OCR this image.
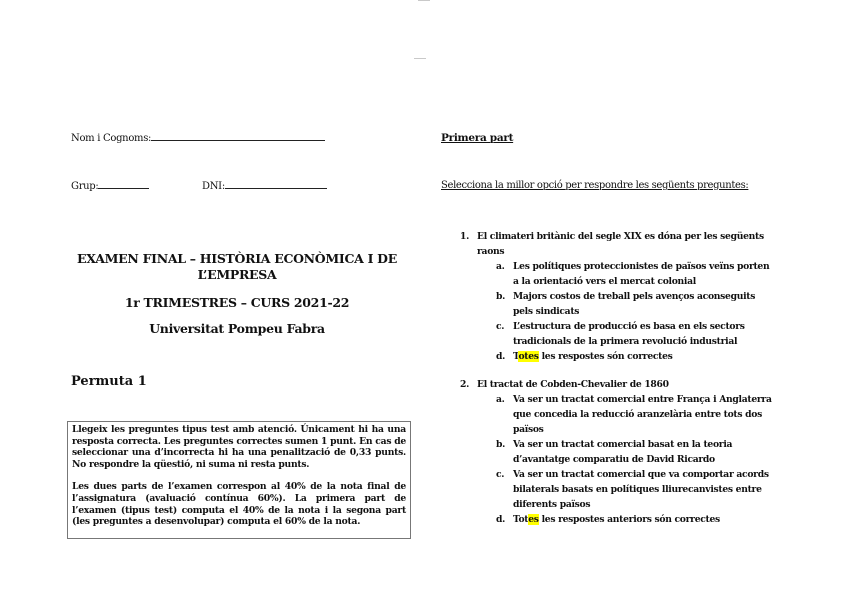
Nom i Cognoms:
Grup:	DNI:
EXAMEN FINAL – HISTÒRIA ECONÒMICA I DE
L’EMPRESA
1r TRIMESTRES – CURS 2021-22
Universitat Pompeu Fabra
Permuta 1

Llegeix les preguntes tipus test amb atenció. Únicament hi ha una resposta correcta. Les preguntes correctes sumen 1 punt. En cas de seleccionar una d’incorrecta hi ha una penalització de 0,33 punts. No respondre la qüestió, ni suma ni resta punts.

Les dues parts de l’examen correspon al 40% de la nota final de l’assignatura (avaluació contínua 60%). La primera part de l’examen (tipus test) computa el 40% de la nota i la segona part (les preguntes a desenvolupar) computa el 60% de la nota.

Primera part
Selecciona la millor opció per respondre les següents preguntes:
1. El climateri britànic del segle XIX es dóna per les següents raons
a. Les polítiques proteccionistes de països veïns porten a la orientació vers el mercat colonial
b. Majors costos de treball pels avenços aconseguits pels sindicats
c. L’estructura de producció es basa en els sectors tradicionals de la primera revolució industrial
d. Totes les respostes són correctes
2. El tractat de Cobden-Chevalier de 1860
a. Va ser un tractat comercial entre França i Anglaterra que concedia la reducció aranzelària entre tots dos països
b. Va ser un tractat comercial basat en la teoria d’avantatge comparatiu de David Ricardo
c. Va ser un tractat comercial que va comportar acords bilaterals basats en polítiques lliurecanvistes entre diferents països
d. Totes les respostes anteriors són correctes
